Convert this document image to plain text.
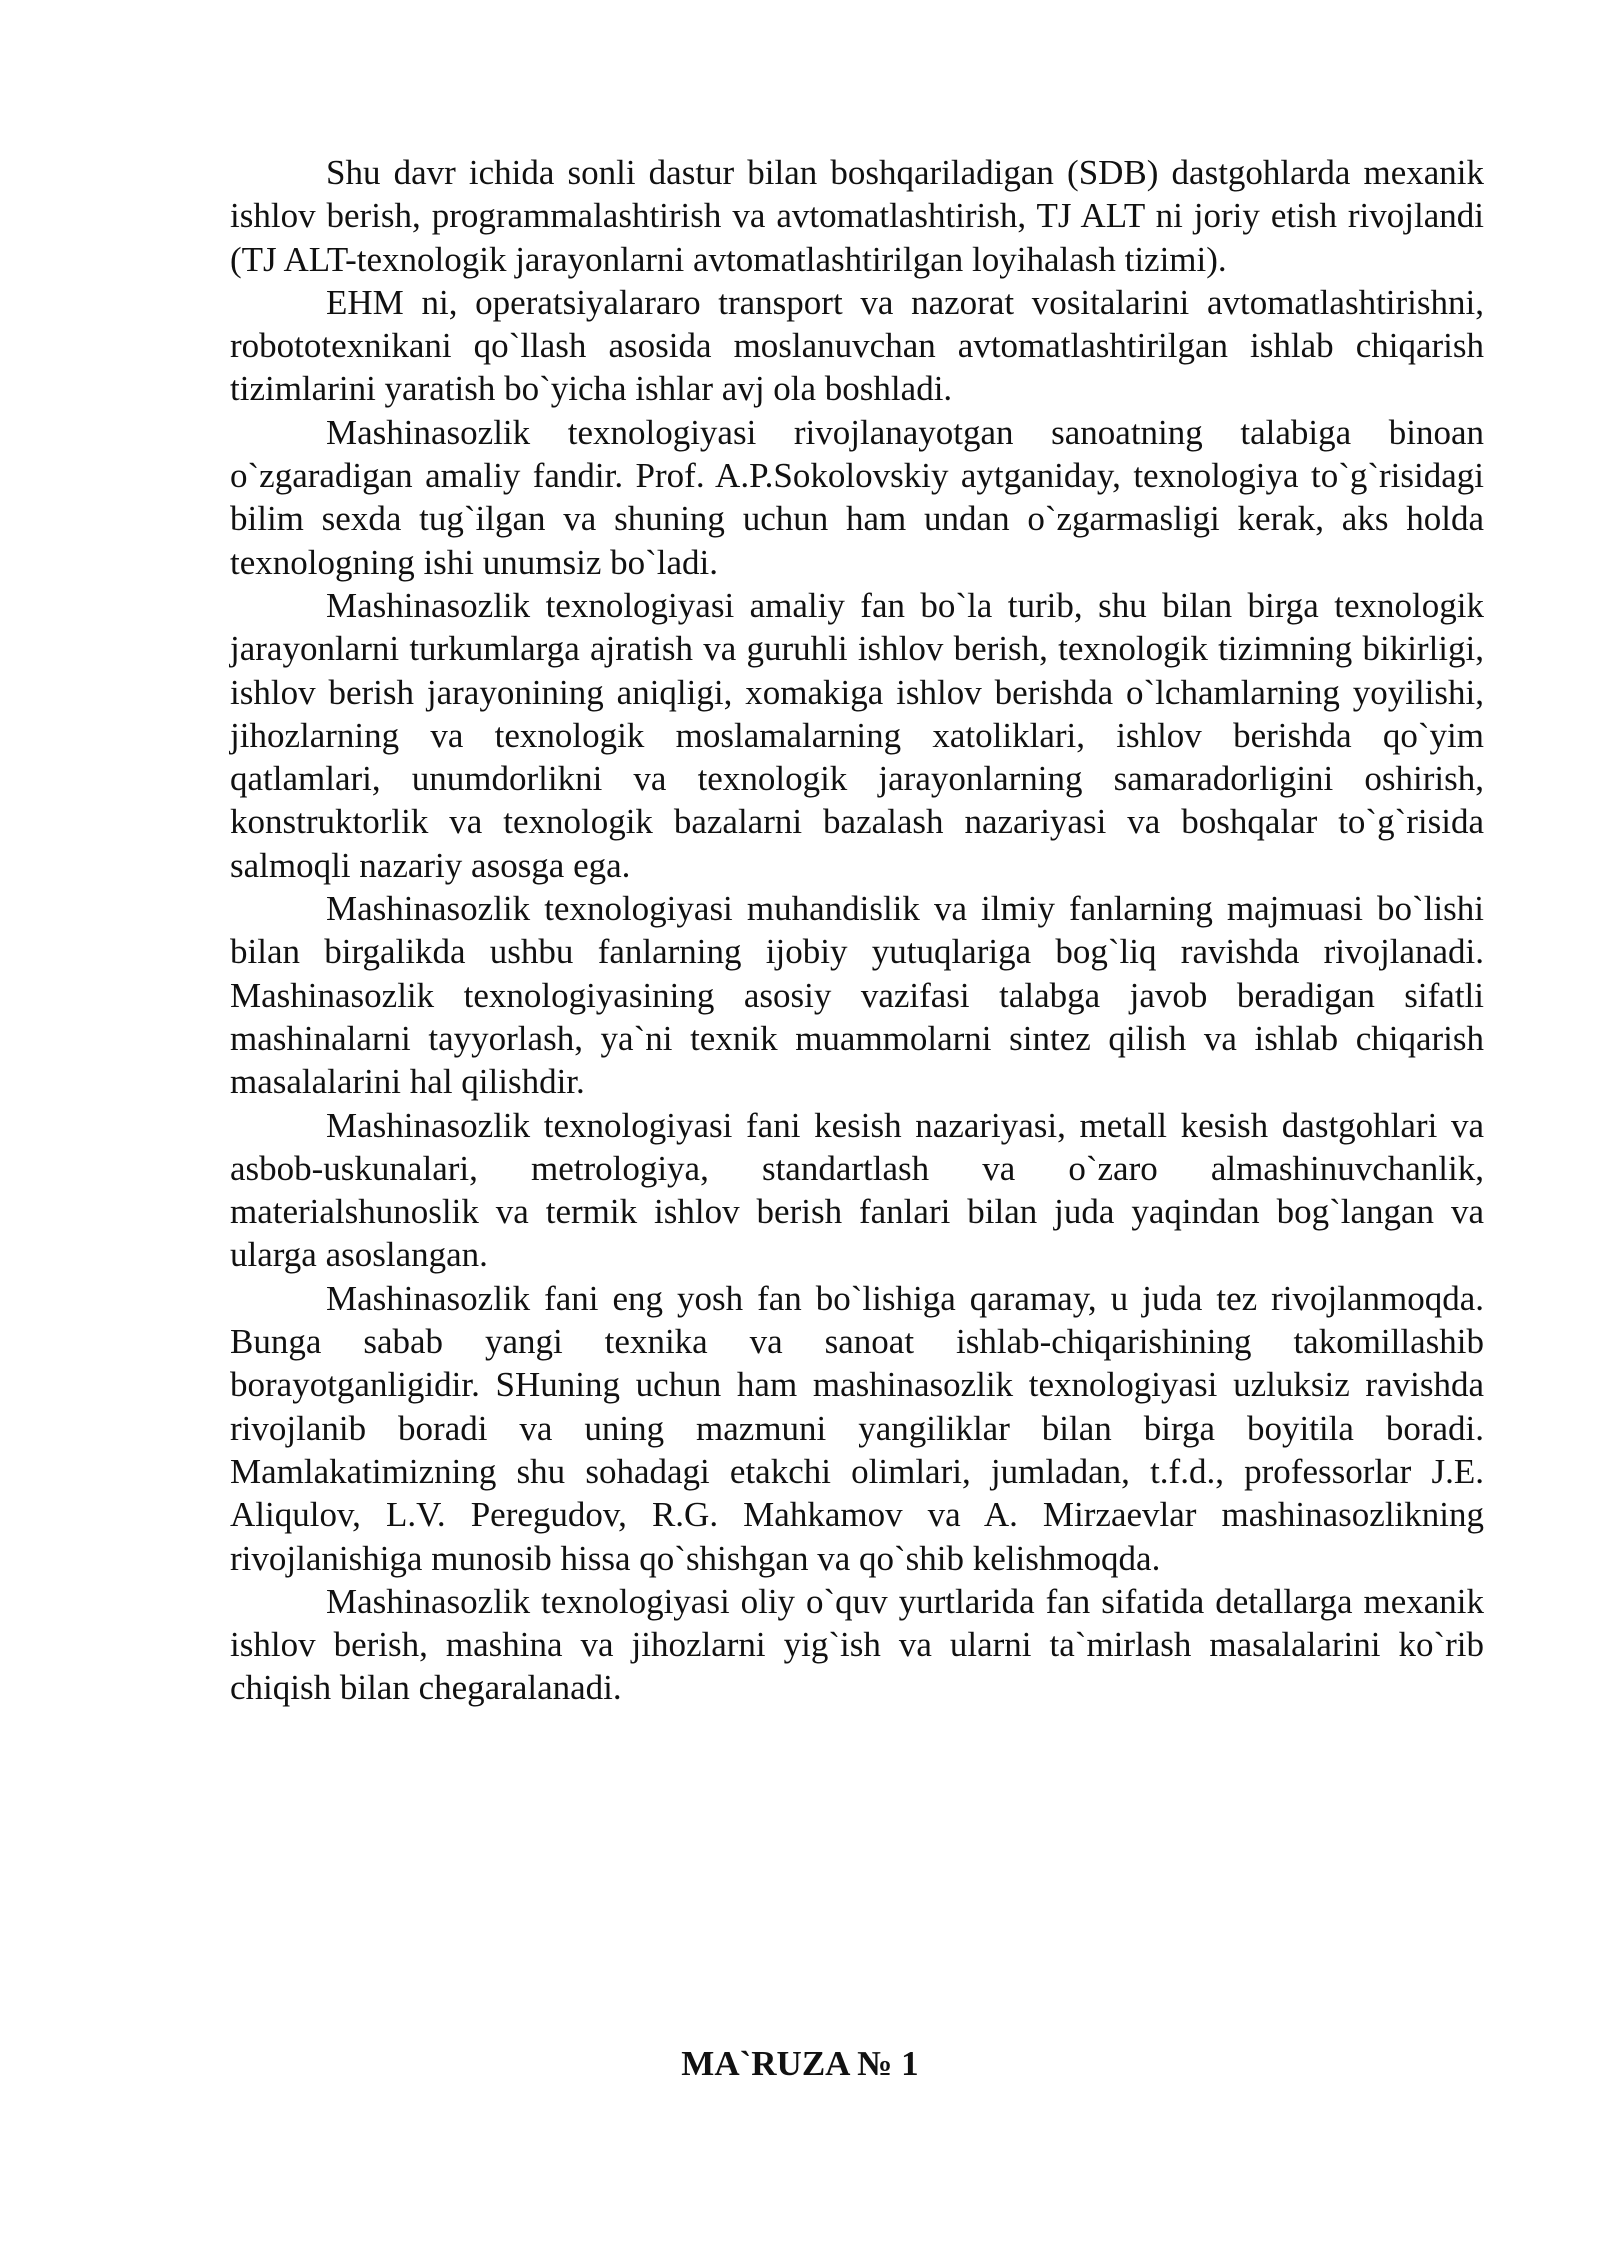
Shu davr ichida sonli dastur bilan boshqariladigan (SDB) dastgohlarda mexanik ishlov berish, programmalashtirish va avtomatlashtirish, TJ ALT ni joriy etish rivojlandi (TJ ALT-texnologik jarayonlarni avtomatlashtirilgan loyihalash tizimi).

EHM ni, operatsiyalararo transport va nazorat vositalarini avtomatlashtirishni, robototexnikani qo`llash asosida moslanuvchan avtomatlashtirilgan ishlab chiqarish tizimlarini yaratish bo`yicha ishlar avj ola boshladi.

Mashinasozlik texnologiyasi rivojlanayotgan sanoatning talabiga binoan o`zgaradigan amaliy fandir. Prof. A.P.Sokolovskiy aytganiday, texnologiya to`g`risidagi bilim sexda tug`ilgan va shuning uchun ham undan o`zgarmasligi kerak, aks holda texnologning ishi unumsiz bo`ladi.

Mashinasozlik texnologiyasi amaliy fan bo`la turib, shu bilan birga texnologik jarayonlarni turkumlarga ajratish va guruhli ishlov berish, texnologik tizimning bikirligi, ishlov berish jarayonining aniqligi, xomakiga ishlov berishda o`lchamlarning yoyilishi, jihozlarning va texnologik moslamalarning xatoliklari, ishlov berishda qo`yim qatlamlari, unumdorlikni va texnologik jarayonlarning samaradorligini oshirish, konstruktorlik va texnologik bazalarni bazalash nazariyasi va boshqalar to`g`risida salmoqli nazariy asosga ega.

Mashinasozlik texnologiyasi muhandislik va ilmiy fanlarning majmuasi bo`lishi bilan birgalikda ushbu fanlarning ijobiy yutuqlariga bog`liq ravishda rivojlanadi. Mashinasozlik texnologiyasining asosiy vazifasi talabga javob beradigan sifatli mashinalarni tayyorlash, ya`ni texnik muammolarni sintez qilish va ishlab chiqarish masalalarini hal qilishdir.

Mashinasozlik texnologiyasi fani kesish nazariyasi, metall kesish dastgohlari va asbob-uskunalari, metrologiya, standartlash va o`zaro almashinuvchanlik, materialshunoslik va termik ishlov berish fanlari bilan juda yaqindan bog`langan va ularga asoslangan.

Mashinasozlik fani eng yosh fan bo`lishiga qaramay, u juda tez rivojlanmoqda. Bunga sabab yangi texnika va sanoat ishlab-chiqarishining takomillashib borayotganligidir. SHuning uchun ham mashinasozlik texnologiyasi uzluksiz ravishda rivojlanib boradi va uning mazmuni yangiliklar bilan birga boyitila boradi. Mamlakatimizning shu sohadagi etakchi olimlari, jumladan, t.f.d., professorlar J.E. Aliqulov, L.V. Peregudov, R.G. Mahkamov va A. Mirzaevlar mashinasozlikning rivojlanishiga munosib hissa qo`shishgan va qo`shib kelishmoqda.

Mashinasozlik texnologiyasi oliy o`quv yurtlarida fan sifatida detallarga mexanik ishlov berish, mashina va jihozlarni yig`ish va ularni ta`mirlash masalalarini ko`rib chiqish bilan chegaralanadi.

MA`RUZA № 1
